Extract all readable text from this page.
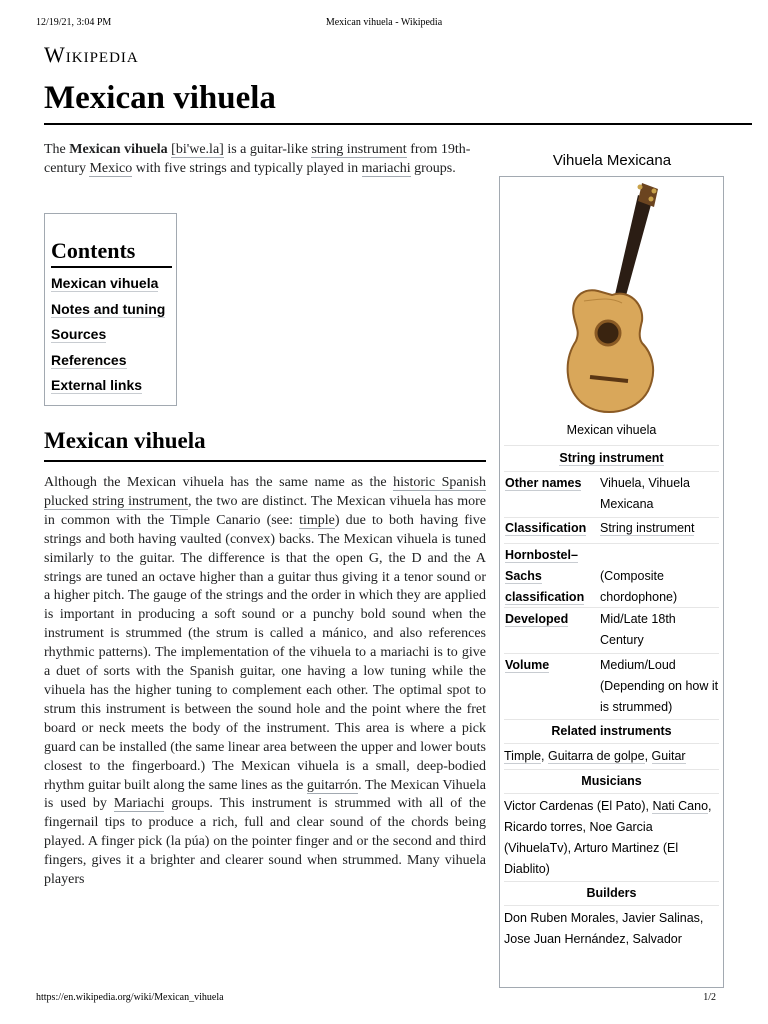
12/19/21, 3:04 PM	Mexican vihuela - Wikipedia
Wikipedia
Mexican vihuela

The Mexican vihuela [bi'we.la] is a guitar-like string instrument from 19th-century Mexico with five strings and typically played in mariachi groups.

Contents
Mexican vihuela
Notes and tuning
Sources
References
External links
Mexican vihuela

Although the Mexican vihuela has the same name as the historic Spanish plucked string instrument, the two are distinct. The Mexican vihuela has more in common with the Timple Canario (see: timple) due to both having five strings and both having vaulted (convex) backs. The Mexican vihuela is tuned similarly to the guitar. The difference is that the open G, the D and the A strings are tuned an octave higher than a guitar thus giving it a tenor sound or a higher pitch. The gauge of the strings and the order in which they are applied is important in producing a soft sound or a punchy bold sound when the instrument is strummed (the strum is called a mánico, and also references rhythmic patterns). The implementation of the vihuela to a mariachi is to give a duet of sorts with the Spanish guitar, one having a low tuning while the vihuela has the higher tuning to complement each other. The optimal spot to strum this instrument is between the sound hole and the point where the fret board or neck meets the body of the instrument. This area is where a pick guard can be installed (the same linear area between the upper and lower bouts closest to the fingerboard.) The Mexican vihuela is a small, deep-bodied rhythm guitar built along the same lines as the guitarrón. The Mexican Vihuela is used by Mariachi groups. This instrument is strummed with all of the fingernail tips to produce a rich, full and clear sound of the chords being played. A finger pick (la púa) on the pointer finger and or the second and third fingers, gives it a brighter and clearer sound when strummed. Many vihuela players

Vihuela Mexicana
Mexican vihuela
String instrument
Other names	Vihuela, Vihuela Mexicana
Classification	String instrument
Hornbostel–Sachs classification
(Composite chordophone)
Developed	Mid/Late 18th Century
Volume	Medium/Loud (Depending on how it is strummed)
Related instruments
Timple, Guitarra de golpe, Guitar
Musicians
Victor Cardenas (El Pato), Nati Cano, Ricardo torres, Noe Garcia (VihuelaTv), Arturo Martinez (El Diablito)
Builders
Don Ruben Morales, Javier Salinas, Jose Juan Hernández, Salvador
https://en.wikipedia.org/wiki/Mexican_vihuela	1/2
